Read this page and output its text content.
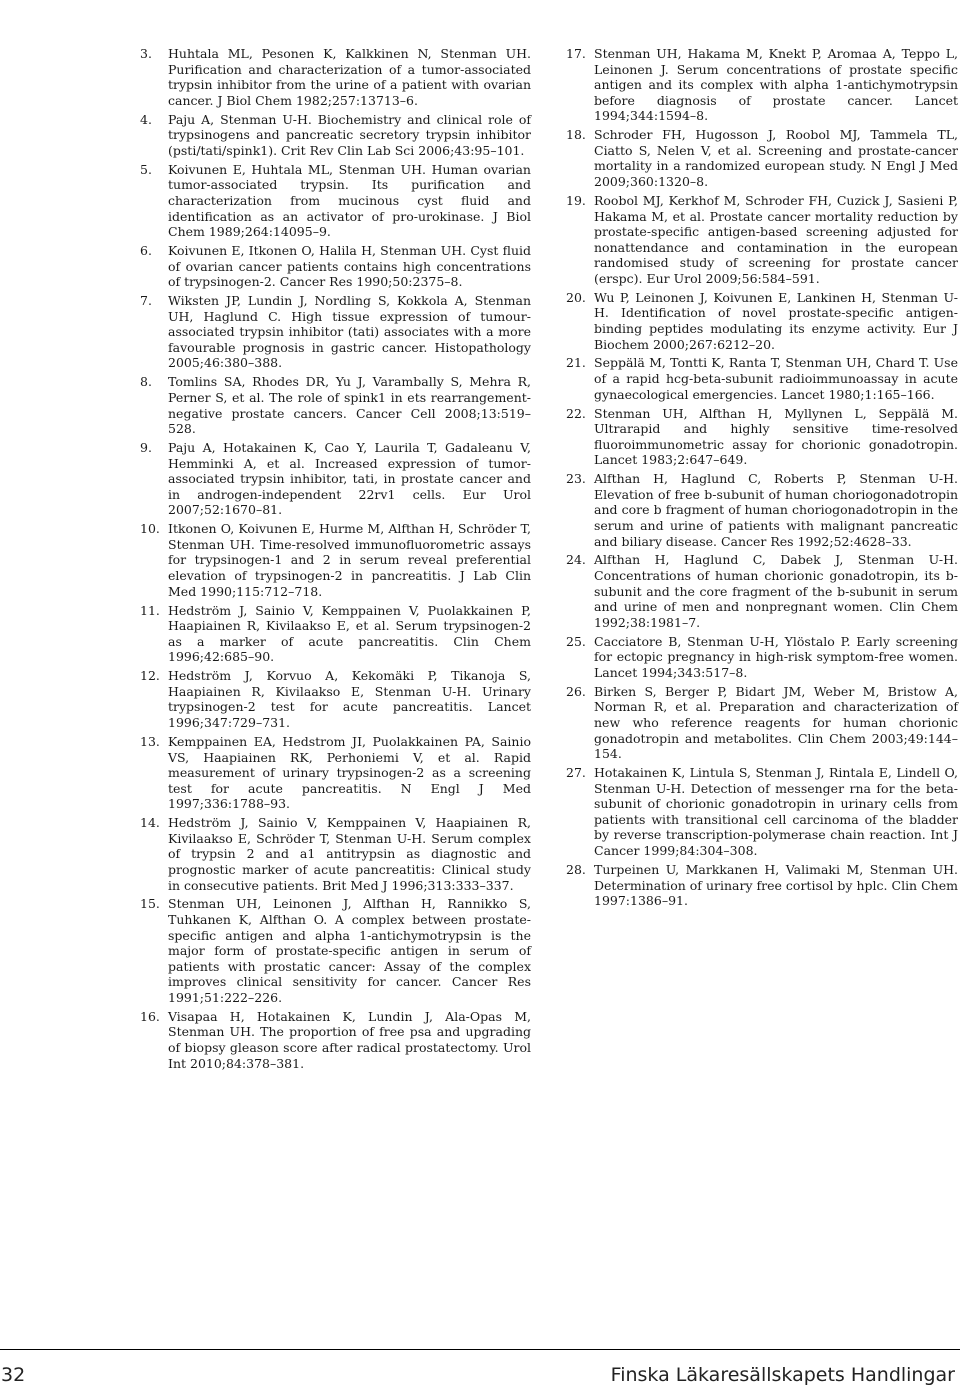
3. Huhtala ML, Pesonen K, Kalkkinen N, Stenman UH. Purification and characterization of a tumor-associated trypsin inhibitor from the urine of a patient with ovarian cancer. J Biol Chem 1982;257:13713–6.
4. Paju A, Stenman U-H. Biochemistry and clinical role of trypsinogens and pancreatic secretory trypsin inhibitor (psti/tati/spink1). Crit Rev Clin Lab Sci 2006;43:95–101.
5. Koivunen E, Huhtala ML, Stenman UH. Human ovarian tumor-associated trypsin. Its purification and characterization from mucinous cyst fluid and identification as an activator of pro-urokinase. J Biol Chem 1989;264:14095–9.
6. Koivunen E, Itkonen O, Halila H, Stenman UH. Cyst fluid of ovarian cancer patients contains high concentrations of trypsinogen-2. Cancer Res 1990;50:2375–8.
7. Wiksten JP, Lundin J, Nordling S, Kokkola A, Stenman UH, Haglund C. High tissue expression of tumour-associated trypsin inhibitor (tati) associates with a more favourable prognosis in gastric cancer. Histopathology 2005;46:380–388.
8. Tomlins SA, Rhodes DR, Yu J, Varambally S, Mehra R, Perner S, et al. The role of spink1 in ets rearrangement-negative prostate cancers. Cancer Cell 2008;13:519–528.
9. Paju A, Hotakainen K, Cao Y, Laurila T, Gadaleanu V, Hemminki A, et al. Increased expression of tumor-associated trypsin inhibitor, tati, in prostate cancer and in androgen-independent 22rv1 cells. Eur Urol 2007;52:1670–81.
10. Itkonen O, Koivunen E, Hurme M, Alfthan H, Schröder T, Stenman UH. Time-resolved immunofluorometric assays for trypsinogen-1 and 2 in serum reveal preferential elevation of trypsinogen-2 in pancreatitis. J Lab Clin Med 1990;115:712–718.
11. Hedström J, Sainio V, Kemppainen V, Puolakkainen P, Haapiainen R, Kivilaakso E, et al. Serum trypsinogen-2 as a marker of acute pancreatitis. Clin Chem 1996;42:685–90.
12. Hedström J, Korvuo A, Kekomäki P, Tikanoja S, Haapiainen R, Kivilaakso E, Stenman U-H. Urinary trypsinogen-2 test for acute pancreatitis. Lancet 1996;347:729–731.
13. Kemppainen EA, Hedstrom JI, Puolakkainen PA, Sainio VS, Haapiainen RK, Perhoniemi V, et al. Rapid measurement of urinary trypsinogen-2 as a screening test for acute pancreatitis. N Engl J Med 1997;336:1788–93.
14. Hedström J, Sainio V, Kemppainen V, Haapiainen R, Kivilaakso E, Schröder T, Stenman U-H. Serum complex of trypsin 2 and a1 antitrypsin as diagnostic and prognostic marker of acute pancreatitis: Clinical study in consecutive patients. Brit Med J 1996;313:333–337.
15. Stenman UH, Leinonen J, Alfthan H, Rannikko S, Tuhkanen K, Alfthan O. A complex between prostate-specific antigen and alpha 1-antichymotrypsin is the major form of prostate-specific antigen in serum of patients with prostatic cancer: Assay of the complex improves clinical sensitivity for cancer. Cancer Res 1991;51:222–226.
16. Visapaa H, Hotakainen K, Lundin J, Ala-Opas M, Stenman UH. The proportion of free psa and upgrading of biopsy gleason score after radical prostatectomy. Urol Int 2010;84:378–381.
17. Stenman UH, Hakama M, Knekt P, Aromaa A, Teppo L, Leinonen J. Serum concentrations of prostate specific antigen and its complex with alpha 1-antichymotrypsin before diagnosis of prostate cancer. Lancet 1994;344:1594–8.
18. Schroder FH, Hugosson J, Roobol MJ, Tammela TL, Ciatto S, Nelen V, et al. Screening and prostate-cancer mortality in a randomized european study. N Engl J Med 2009;360:1320–8.
19. Roobol MJ, Kerkhof M, Schroder FH, Cuzick J, Sasieni P, Hakama M, et al. Prostate cancer mortality reduction by prostate-specific antigen-based screening adjusted for nonattendance and contamination in the european randomised study of screening for prostate cancer (erspc). Eur Urol 2009;56:584–591.
20. Wu P, Leinonen J, Koivunen E, Lankinen H, Stenman U-H. Identification of novel prostate-specific antigen-binding peptides modulating its enzyme activity. Eur J Biochem 2000;267:6212–20.
21. Seppälä M, Tontti K, Ranta T, Stenman UH, Chard T. Use of a rapid hcg-beta-subunit radioimmunoassay in acute gynaecological emergencies. Lancet 1980;1:165–166.
22. Stenman UH, Alfthan H, Myllynen L, Seppälä M. Ultrarapid and highly sensitive time-resolved fluoroimmunometric assay for chorionic gonadotropin. Lancet 1983;2:647–649.
23. Alfthan H, Haglund C, Roberts P, Stenman U-H. Elevation of free b-subunit of human choriogonadotropin and core b fragment of human choriogonadotropin in the serum and urine of patients with malignant pancreatic and biliary disease. Cancer Res 1992;52:4628–33.
24. Alfthan H, Haglund C, Dabek J, Stenman U-H. Concentrations of human chorionic gonadotropin, its b-subunit and the core fragment of the b-subunit in serum and urine of men and nonpregnant women. Clin Chem 1992;38:1981–7.
25. Cacciatore B, Stenman U-H, Ylöstalo P. Early screening for ectopic pregnancy in high-risk symptom-free women. Lancet 1994;343:517–8.
26. Birken S, Berger P, Bidart JM, Weber M, Bristow A, Norman R, et al. Preparation and characterization of new who reference reagents for human chorionic gonadotropin and metabolites. Clin Chem 2003;49:144–154.
27. Hotakainen K, Lintula S, Stenman J, Rintala E, Lindell O, Stenman U-H. Detection of messenger rna for the beta-subunit of chorionic gonadotropin in urinary cells from patients with transitional cell carcinoma of the bladder by reverse transcription-polymerase chain reaction. Int J Cancer 1999;84:304–308.
28. Turpeinen U, Markkanen H, Valimaki M, Stenman UH. Determination of urinary free cortisol by hplc. Clin Chem 1997:1386–91.
32	Finska Läkaresällskapets Handlingar
